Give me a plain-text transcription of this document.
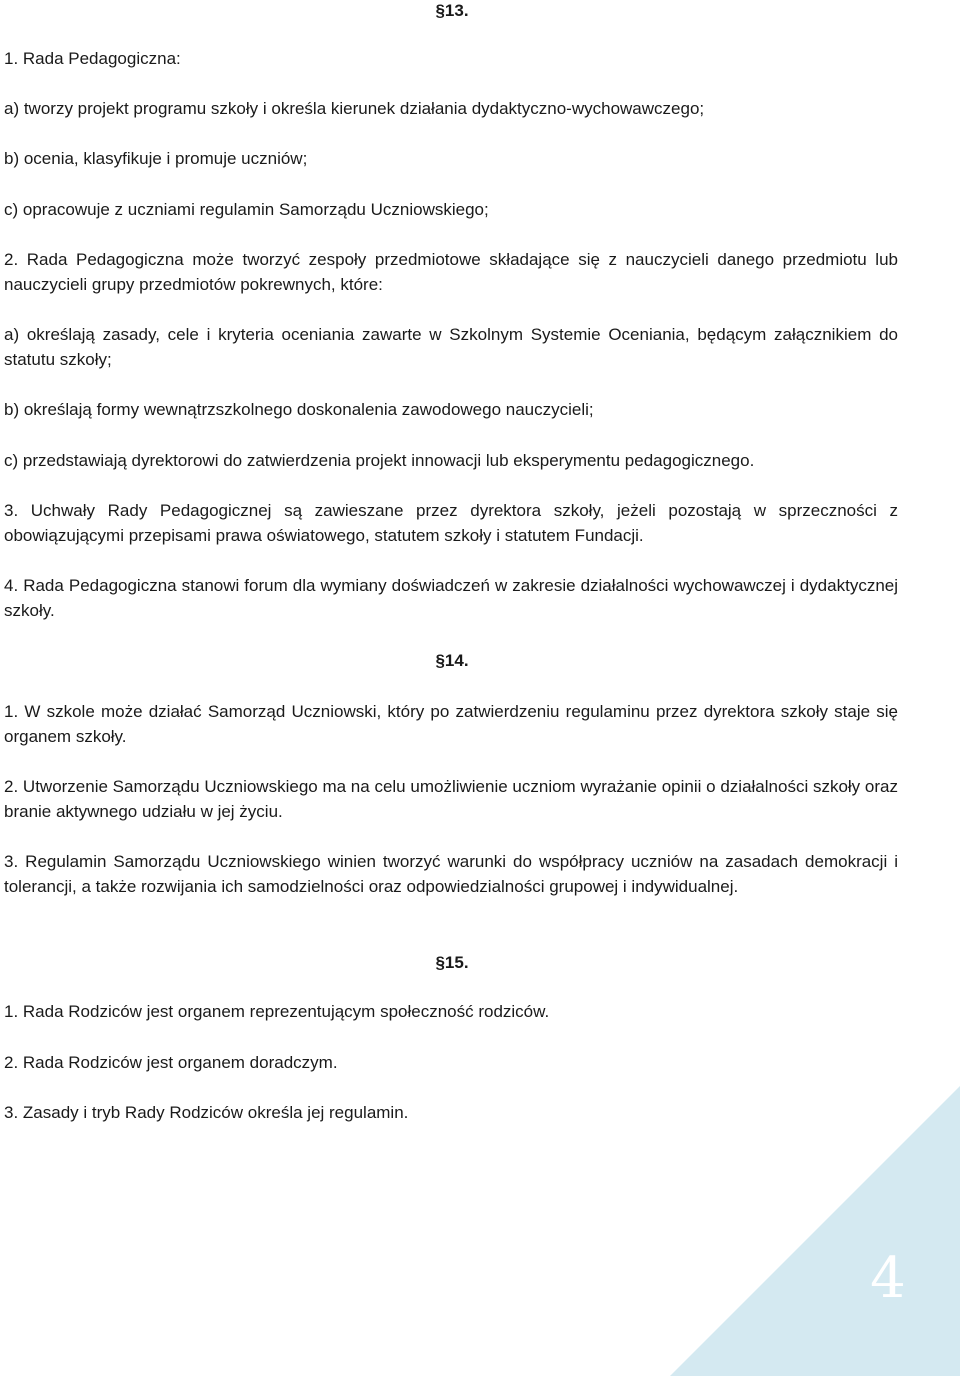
§13.
1. Rada Pedagogiczna:
a) tworzy projekt programu szkoły i określa kierunek działania dydaktyczno-wychowawczego;
b) ocenia, klasyfikuje i promuje uczniów;
c) opracowuje z uczniami regulamin Samorządu Uczniowskiego;
2. Rada Pedagogiczna może tworzyć zespoły przedmiotowe składające się z nauczycieli danego przedmiotu lub nauczycieli grupy przedmiotów pokrewnych, które:
a) określają zasady, cele i kryteria oceniania zawarte w Szkolnym Systemie Oceniania, będącym załącznikiem do statutu szkoły;
b) określają formy wewnątrzszkolnego doskonalenia zawodowego nauczycieli;
c) przedstawiają dyrektorowi do zatwierdzenia projekt innowacji lub eksperymentu pedagogicznego.
3. Uchwały Rady Pedagogicznej są zawieszane przez dyrektora szkoły, jeżeli pozostają w sprzeczności z obowiązującymi przepisami prawa oświatowego, statutem szkoły i statutem Fundacji.
4. Rada Pedagogiczna stanowi forum dla wymiany doświadczeń w zakresie działalności wychowawczej i dydaktycznej szkoły.
§14.
1. W szkole może działać Samorząd Uczniowski, który po zatwierdzeniu regulaminu przez dyrektora szkoły staje się organem szkoły.
2. Utworzenie Samorządu Uczniowskiego ma na celu umożliwienie uczniom wyrażanie opinii o działalności szkoły oraz branie aktywnego udziału w jej życiu.
3. Regulamin Samorządu Uczniowskiego winien tworzyć warunki do współpracy uczniów na zasadach demokracji i tolerancji, a także rozwijania ich samodzielności oraz odpowiedzialności grupowej i indywidualnej.
§15.
1. Rada Rodziców jest organem reprezentującym społeczność rodziców.
2. Rada Rodziców jest organem doradczym.
3. Zasady i tryb Rady Rodziców określa jej regulamin.
4
